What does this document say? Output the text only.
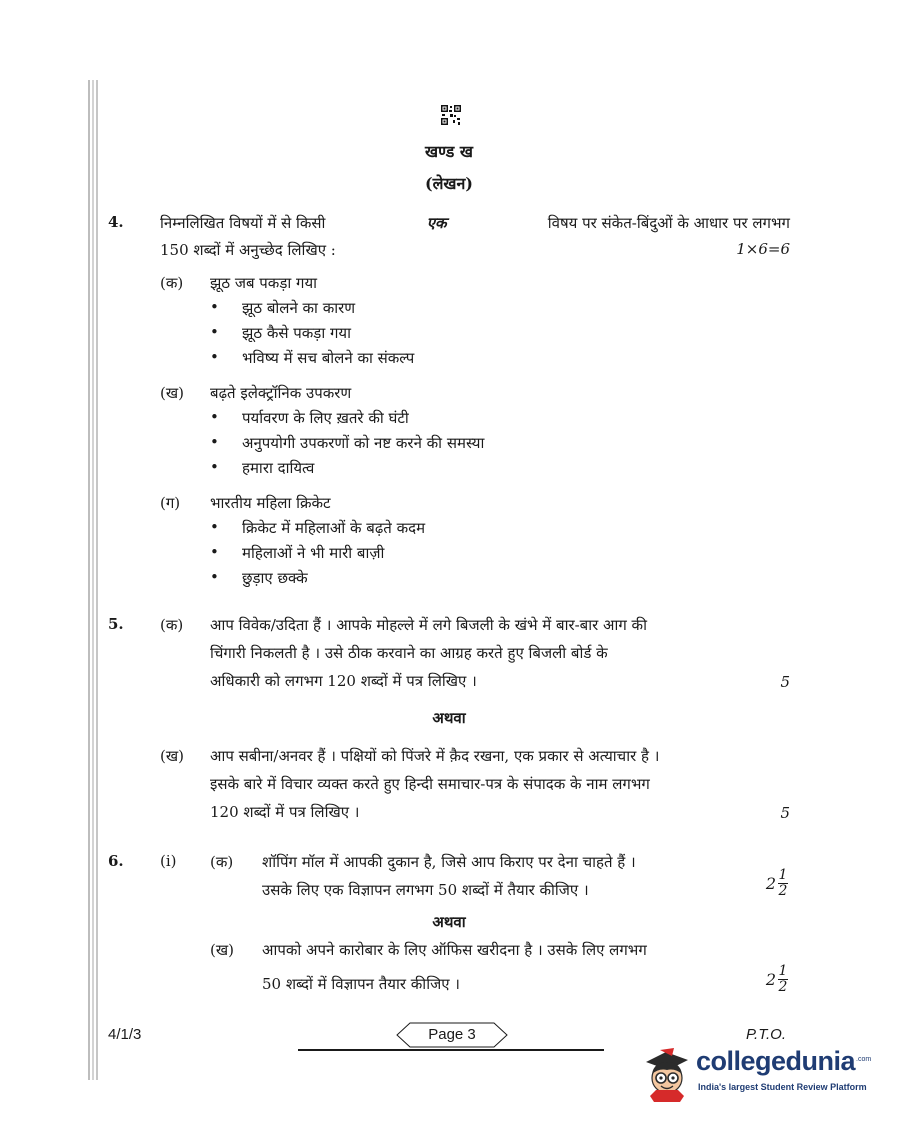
खण्ड ख
(लेखन)
4. निम्नलिखित विषयों में से किसी	एक	विषय पर संकेत-बिंदुओं के आधार पर लगभग
150 शब्दों में अनुच्छेद लिखिए :	1×6=6
(क) झूठ जब पकड़ा गया
• झूठ बोलने का कारण
• झूठ कैसे पकड़ा गया
• भविष्य में सच बोलने का संकल्प
(ख) बढ़ते इलेक्ट्रॉनिक उपकरण
• पर्यावरण के लिए ख़तरे की घंटी
• अनुपयोगी उपकरणों को नष्ट करने की समस्या
• हमारा दायित्व
(ग) भारतीय महिला क्रिकेट
• क्रिकेट में महिलाओं के बढ़ते कदम
• महिलाओं ने भी मारी बाज़ी
• छुड़ाए छक्के
5. (क) आप विवेक/उदिता हैं । आपके मोहल्ले में लगे बिजली के खंभे में बार-बार आग की
चिंगारी निकलती है । उसे ठीक करवाने का आग्रह करते हुए बिजली बोर्ड के
अधिकारी को लगभग 120 शब्दों में पत्र लिखिए ।	5
अथवा
(ख) आप सबीना/अनवर हैं । पक्षियों को पिंजरे में क़ैद रखना, एक प्रकार से अत्याचार है ।
इसके बारे में विचार व्यक्त करते हुए हिन्दी समाचार-पत्र के संपादक के नाम लगभग
120 शब्दों में पत्र लिखिए ।	5
6. (i) (क) शॉपिंग मॉल में आपकी दुकान है, जिसे आप किराए पर देना चाहते हैं ।
उसके लिए एक विज्ञापन लगभग 50 शब्दों में तैयार कीजिए ।	2 1
2
अथवा
(ख) आपको अपने कारोबार के लिए ऑफिस खरीदना है । उसके लिए लगभग
50 शब्दों में विज्ञापन तैयार कीजिए ।	2 1
2
4/1/3	Page 3	P.T.O.
collegedunia .com
India's largest Student Review Platform
